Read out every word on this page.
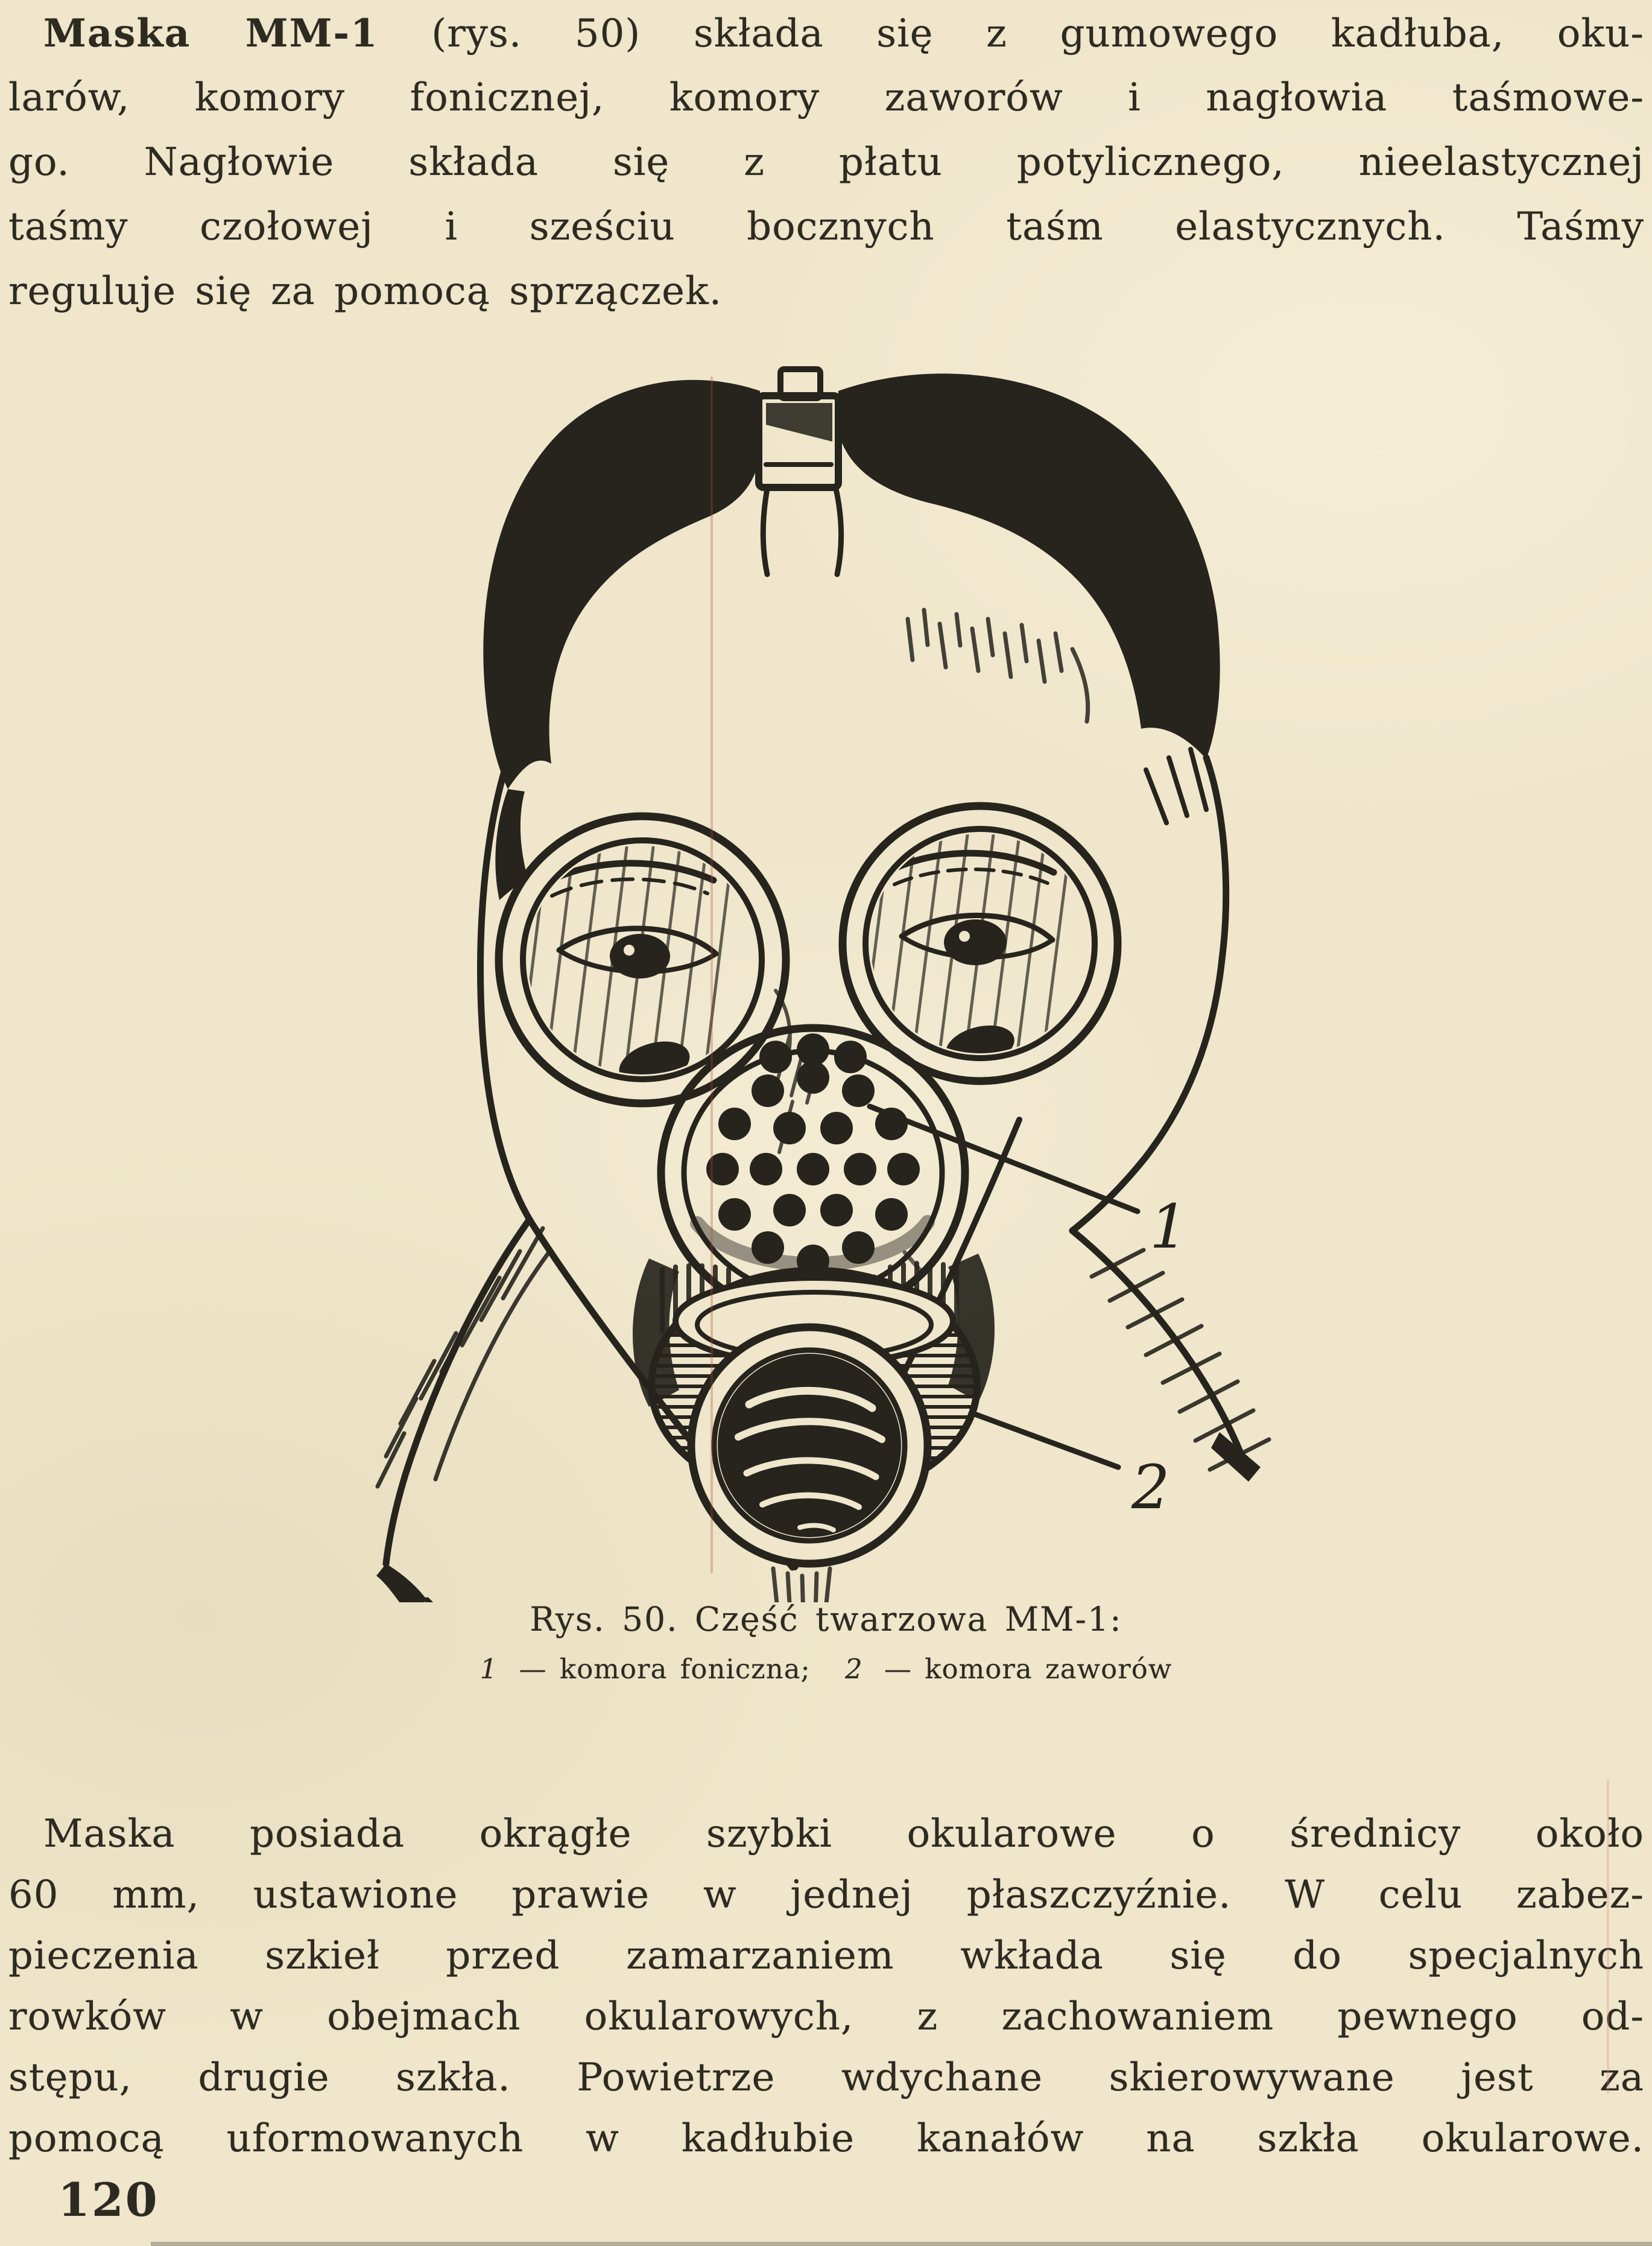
Maska MM-1 (rys. 50) składa się z gumowego kadłuba, oku-
larów, komory fonicznej, komory zaworów i nagłowia taśmowe-
go. Nagłowie składa się z płatu potylicznego, nieelastycznej
taśmy czołowej i sześciu bocznych taśm elastycznych. Taśmy
reguluje się za pomocą sprzączek.
1
2
Rys. 50. Część twarzowa MM-1:
1 — komora foniczna; 2 — komora zaworów
Maska posiada okrągłe szybki okularowe o średnicy około
60 mm, ustawione prawie w jednej płaszczyźnie. W celu zabez-
pieczenia szkieł przed zamarzaniem wkłada się do specjalnych
rowków w obejmach okularowych, z zachowaniem pewnego od-
stępu, drugie szkła. Powietrze wdychane skierowywane jest za
pomocą uformowanych w kadłubie kanałów na szkła okularowe.
120
